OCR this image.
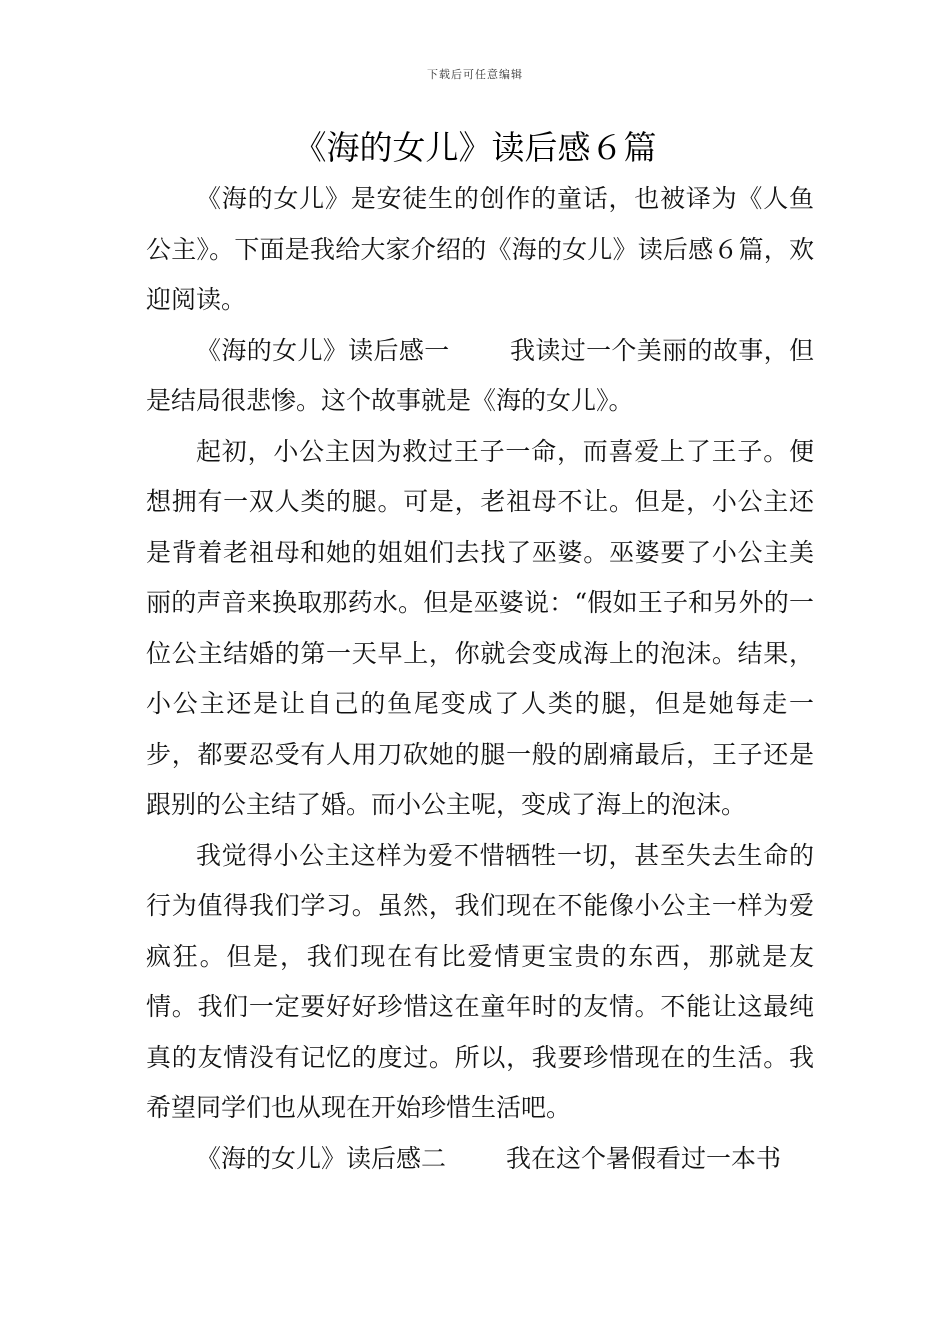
下载后可任意编辑
《海的女儿》读后感６篇

《海的女儿》是安徒生的创作的童话，也被译为《人鱼公主》。下面是我给大家介绍的《海的女儿》读后感６篇，欢迎阅读。

《海的女儿》读后感一 我读过一个美丽的故事，但是结局很悲惨。这个故事就是《海的女儿》。

起初，小公主因为救过王子一命，而喜爱上了王子。便想拥有一双人类的腿。可是，老祖母不让。但是，小公主还是背着老祖母和她的姐姐们去找了巫婆。巫婆要了小公主美丽的声音来换取那药水。但是巫婆说：“假如王子和另外的一位公主结婚的第一天早上，你就会变成海上的泡沫。结果，小公主还是让自己的鱼尾变成了人类的腿，但是她每走一步，都要忍受有人用刀砍她的腿一般的剧痛最后，王子还是跟别的公主结了婚。而小公主呢，变成了海上的泡沫。

我觉得小公主这样为爱不惜牺牲一切，甚至失去生命的行为值得我们学习。虽然，我们现在不能像小公主一样为爱疯狂。但是，我们现在有比爱情更宝贵的东西，那就是友情。我们一定要好好珍惜这在童年时的友情。不能让这最纯真的友情没有记忆的度过。所以，我要珍惜现在的生活。我希望同学们也从现在开始珍惜生活吧。

《海的女儿》读后感二 我在这个暑假看过一本书
